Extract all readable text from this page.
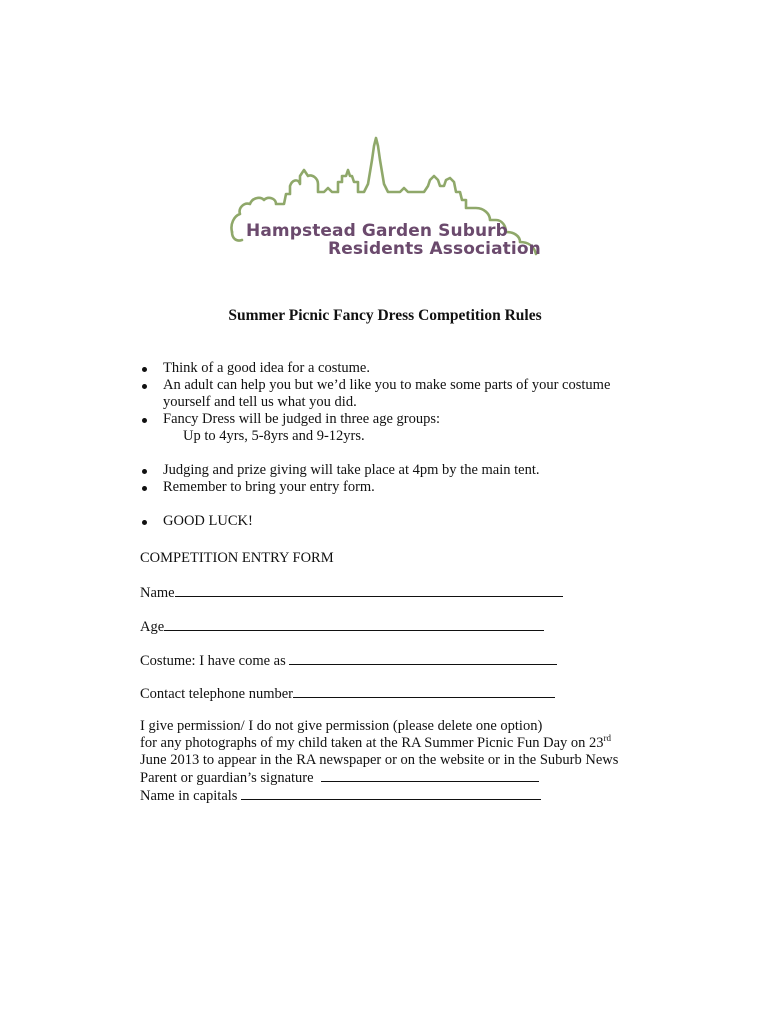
Hampstead Garden Suburb
Residents Association
Summer Picnic Fancy Dress Competition Rules
Think of a good idea for a costume.
An adult can help you but we’d like you to make some parts of your costume
yourself and tell us what you did.
Fancy Dress will be judged in three age groups:
Up to 4yrs, 5-8yrs and 9-12yrs.
Judging and prize giving will take place at 4pm by the main tent.
Remember to bring your entry form.
GOOD LUCK!
COMPETITION ENTRY FORM
Name
Age
Costume: I have come as
Contact telephone number
I give permission/ I do not give permission (please delete one option)
for any photographs of my child taken at the RA Summer Picnic Fun Day on 23rd
June 2013 to appear in the RA newspaper or on the website or in the Suburb News
Parent or guardian’s signature
Name in capitals
